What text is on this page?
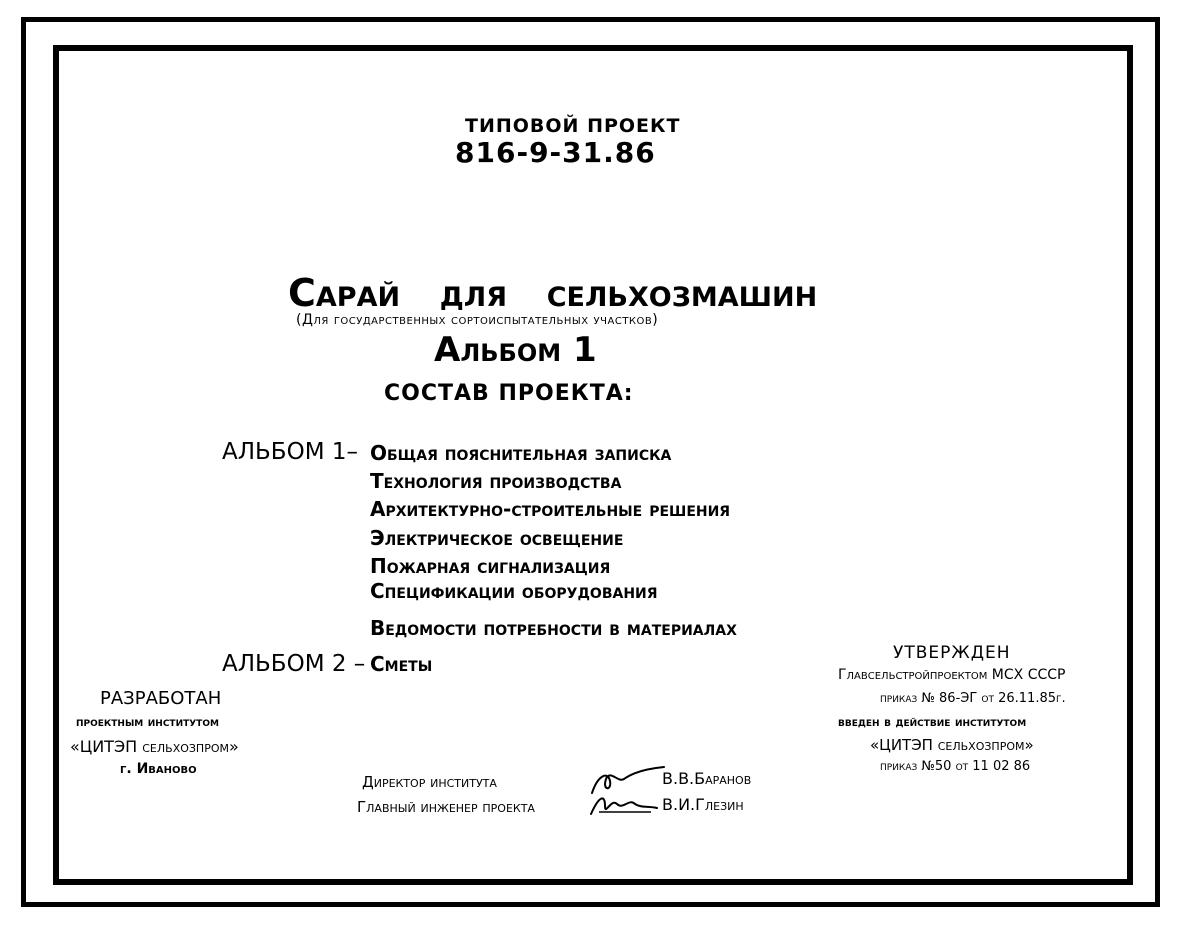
ТИПОВОЙ ПРОЕКТ
816-9-31.86
Сарай   для   сельхозмашин
(Для государственных сортоиспытательных участков)
Альбом 1
СОСТАВ ПРОЕКТА:
АЛЬБОМ 1– Общая пояснительная записка
Технология производства
Архитектурно-строительные решения
Электрическое освещение
Пожарная сигнализация
Спецификации оборудования
Ведомости потребности в материалах
АЛЬБОМ 2 – Сметы
РАЗРАБОТАН
проектным институтом
«ЦИТЭП сельхозпром»
г. Иваново
Директор института
Главный инженер проекта
В.В.Баранов
В.И.Глезин
УТВЕРЖДЕН
Главсельстройпроектом МСХ СССР
приказ № 86-ЭГ от 26.11.85г.
введен в действие институтом
«ЦИТЭП сельхозпром»
приказ №50 от 11 02 86
